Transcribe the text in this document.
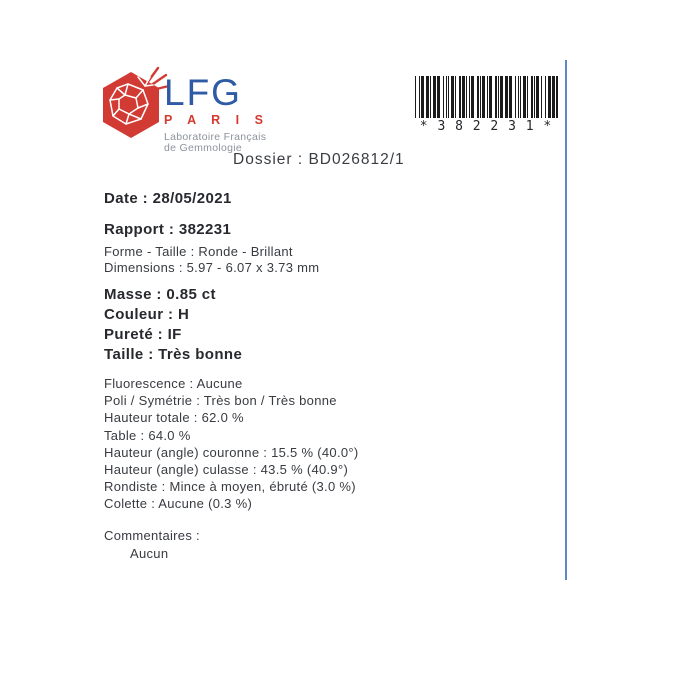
LFG
P A R I S
Laboratoire Français
de Gemmologie
* 3 8 2 2 3 1 *
Dossier : BD026812/1
Date : 28/05/2021
Rapport : 382231
Forme - Taille : Ronde - Brillant
Dimensions : 5.97 - 6.07 x 3.73 mm
Masse : 0.85 ct
Couleur : H
Pureté : IF
Taille : Très bonne
Fluorescence : Aucune
Poli / Symétrie : Très bon / Très bonne
Hauteur totale : 62.0 %
Table : 64.0 %
Hauteur (angle) couronne : 15.5 % (40.0°)
Hauteur (angle) culasse : 43.5 % (40.9°)
Rondiste : Mince à moyen, ébruté (3.0 %)
Colette : Aucune (0.3 %)
Commentaires :
Aucun
